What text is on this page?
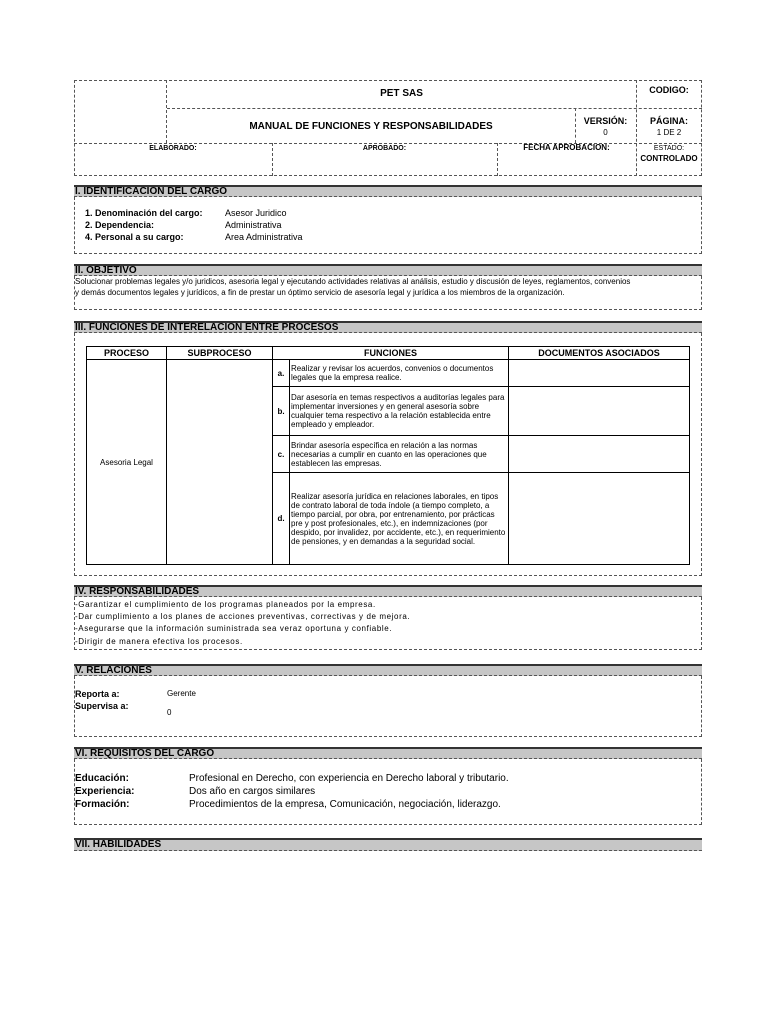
PET SAS	CODIGO:
MANUAL DE FUNCIONES Y RESPONSABILIDADES	VERSIÓN:
0
PÁGINA:
1 DE 2
ELABORADO:	APROBADO:	FECHA APROBACION:	ESTADO:
CONTROLADO
I. IDENTIFICACION DEL CARGO
1. Denominación del cargo: Asesor Juridico
2. Dependencia:	Administrativa
4. Personal a su cargo:	Area Administrativa
II. OBJETIVO
Solucionar problemas legales y/o juridicos, asesoria legal y ejecutando actividades relativas al análisis, estudio y discusión de leyes, reglamentos, convenios
y demás documentos legales y jurídicos, a fin de prestar un óptimo servicio de asesoría legal y jurídica a los miembros de la organización.
III. FUNCIONES DE INTERELACION ENTRE PROCESOS
PROCESO	SUBPROCESO	FUNCIONES		DOCUMENTOS ASOCIADOS
Asesoria Legal		a.	Realizar y revisar los acuerdos, convenios o documentos legales que la empresa realice.	
		b.	Dar asesoría en temas respectivos a auditorías legales para implementar inversiones y en general asesoría sobre cualquier tema respectivo a la relación establecida entre empleado y empleador.	
		c.	Brindar asesoría específica en relación a las normas necesarias a cumplir en cuanto en las operaciones que establecen las empresas.	
		d.	Realizar asesoría jurídica en relaciones laborales, en tipos de contrato laboral de toda índole (a tiempo completo, a tiempo parcial, por obra, por entrenamiento, por prácticas pre y post profesionales, etc.), en indemnizaciones (por despido, por invalidez, por accidente, etc.), en requerimiento de pensiones, y en demandas a la seguridad social.	
IV. RESPONSABILIDADES
-Garantizar el cumplimiento de los programas planeados por la empresa.
-Dar cumplimiento a los planes de acciones preventivas, correctivas y de mejora.
-Asegurarse que la información suministrada sea veraz oportuna y confiable.
-Dirigir de manera efectiva los procesos.
V. RELACIONES
Reporta a:	Gerente
Supervisa a:
0
VI. REQUISITOS DEL CARGO
Educación:	Profesional en Derecho, con experiencia en Derecho laboral y tributario.
Experiencia:	Dos año en cargos similares
Formación:	Procedimientos de la empresa, Comunicación, negociación, liderazgo.
VII. HABILIDADES
